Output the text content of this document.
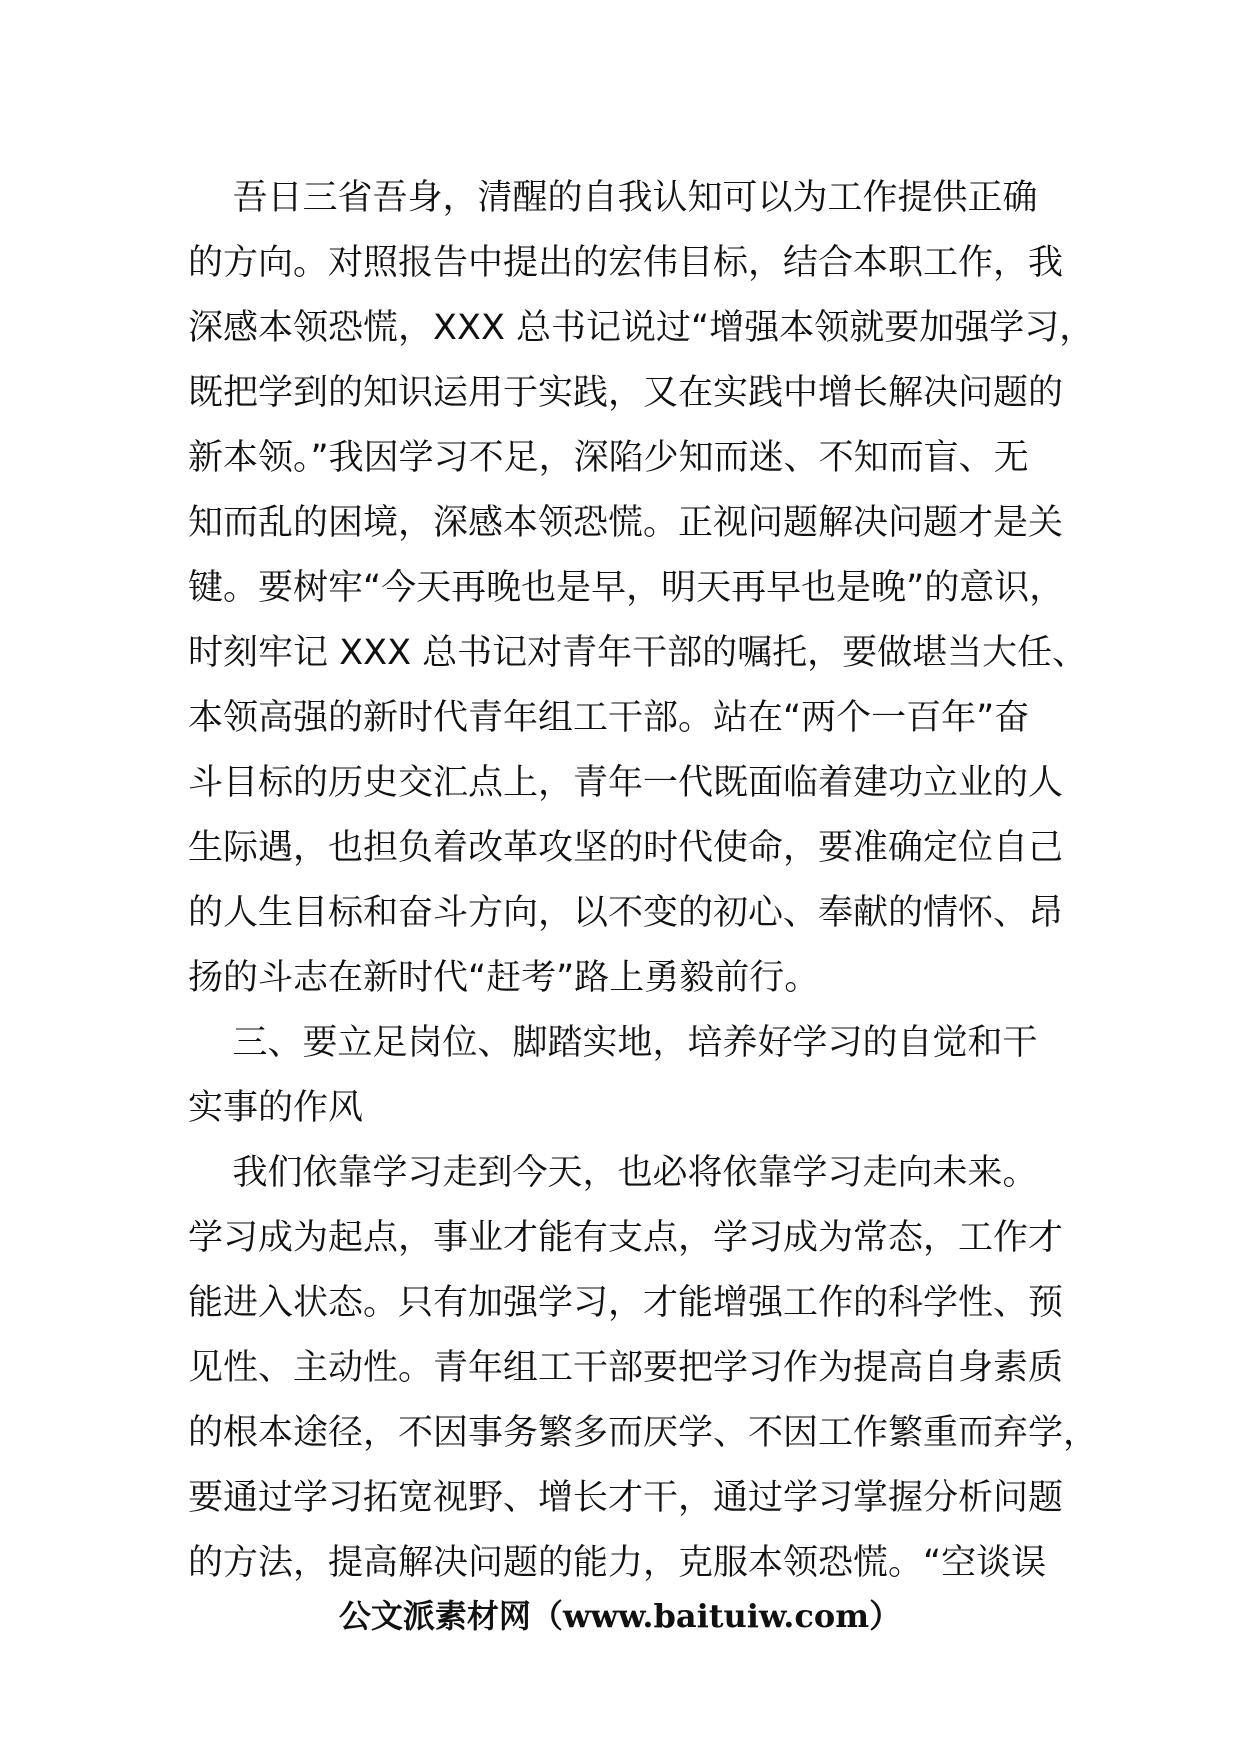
吾日三省吾身，清醒的自我认知可以为工作提供正确
的方向。对照报告中提出的宏伟目标，结合本职工作，我
深感本领恐慌，XXX 总书记说过“增强本领就要加强学习，
既把学到的知识运用于实践，又在实践中增长解决问题的
新本领。”我因学习不足，深陷少知而迷、不知而盲、无
知而乱的困境，深感本领恐慌。正视问题解决问题才是关
键。要树牢“今天再晚也是早，明天再早也是晚”的意识，
时刻牢记 XXX 总书记对青年干部的嘱托，要做堪当大任、
本领高强的新时代青年组工干部。站在“两个一百年”奋
斗目标的历史交汇点上，青年一代既面临着建功立业的人
生际遇，也担负着改革攻坚的时代使命，要准确定位自己
的人生目标和奋斗方向，以不变的初心、奉献的情怀、昂
扬的斗志在新时代“赶考”路上勇毅前行。
三、要立足岗位、脚踏实地，培养好学习的自觉和干
实事的作风
我们依靠学习走到今天，也必将依靠学习走向未来。
学习成为起点，事业才能有支点，学习成为常态，工作才
能进入状态。只有加强学习，才能增强工作的科学性、预
见性、主动性。青年组工干部要把学习作为提高自身素质
的根本途径，不因事务繁多而厌学、不因工作繁重而弃学，
要通过学习拓宽视野、增长才干，通过学习掌握分析问题
的方法，提高解决问题的能力，克服本领恐慌。“空谈误
公文派素材网（www.baituiw.com）
